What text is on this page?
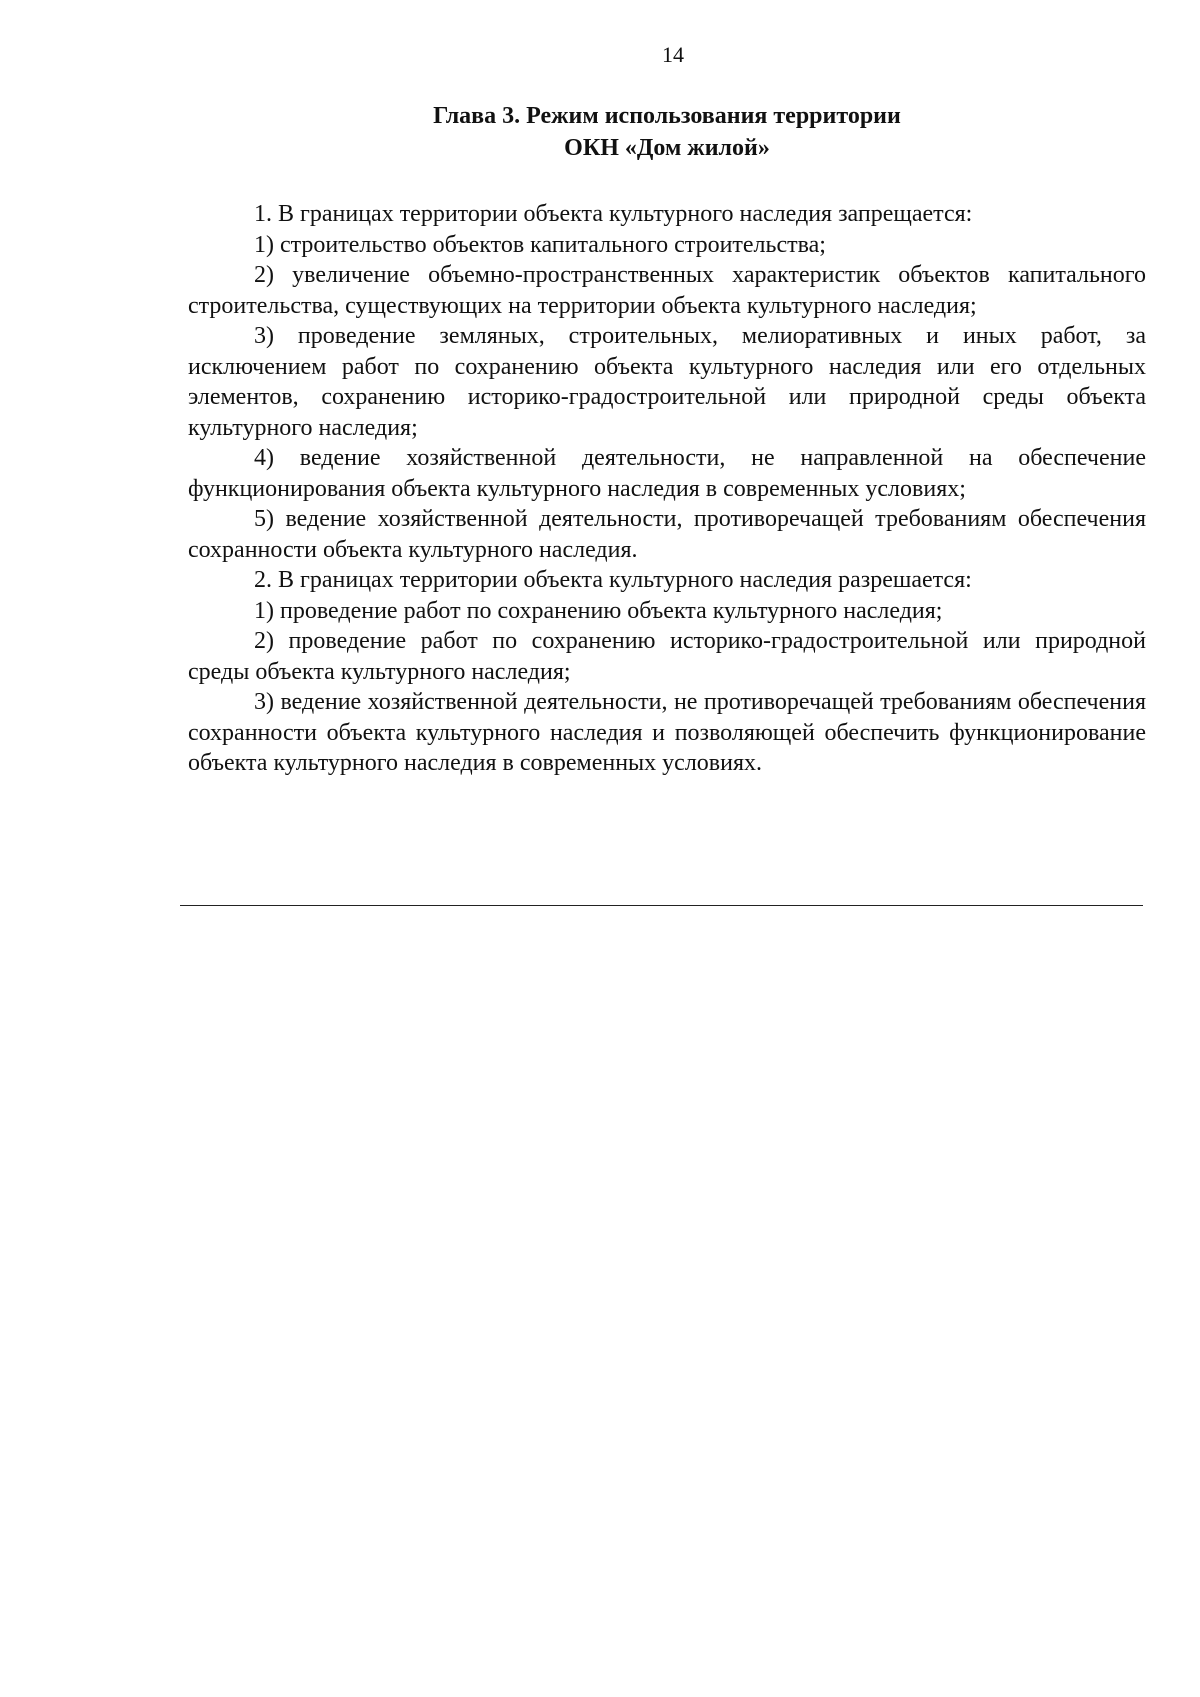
14
Глава 3. Режим использования территории
ОКН «Дом жилой»

1. В границах территории объекта культурного наследия запрещается:

1) строительство объектов капитального строительства;

2) увеличение объемно-пространственных характеристик объектов капитального строительства, существующих на территории объекта культурного наследия;

3) проведение земляных, строительных, мелиоративных и иных работ, за исключением работ по сохранению объекта культурного наследия или его отдельных элементов, сохранению историко-градостроительной или природной среды объекта культурного наследия;

4) ведение хозяйственной деятельности, не направленной на обеспечение функционирования объекта культурного наследия в современных условиях;

5) ведение хозяйственной деятельности, противоречащей требованиям обеспечения сохранности объекта культурного наследия.

2. В границах территории объекта культурного наследия разрешается:

1) проведение работ по сохранению объекта культурного наследия;

2) проведение работ по сохранению историко-градостроительной или природной среды объекта культурного наследия;

3) ведение хозяйственной деятельности, не противоречащей требованиям обеспечения сохранности объекта культурного наследия и позволяющей обеспечить функционирование объекта культурного наследия в современных условиях.
